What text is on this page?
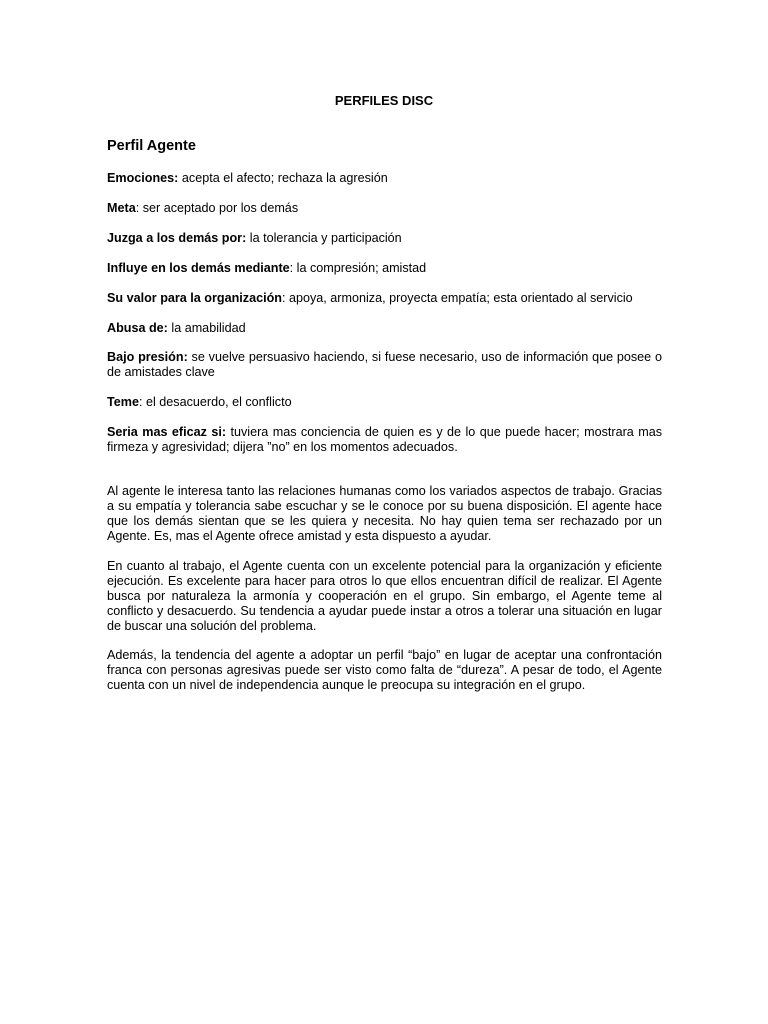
PERFILES DISC
Perfil Agente
Emociones: acepta el afecto; rechaza la agresión
Meta: ser aceptado por los demás
Juzga a los demás por: la tolerancia y participación
Influye en los demás mediante: la compresión; amistad
Su valor para la organización: apoya, armoniza, proyecta empatía; esta orientado al servicio
Abusa de: la amabilidad
Bajo presión: se vuelve persuasivo haciendo, si fuese necesario, uso de información que posee o de amistades clave
Teme: el desacuerdo, el conflicto
Seria mas eficaz si: tuviera mas conciencia de quien es y de lo que puede hacer; mostrara mas firmeza y agresividad; dijera ”no” en los momentos adecuados.
Al agente le interesa tanto las relaciones humanas como los variados aspectos de trabajo. Gracias a su empatía y tolerancia sabe escuchar y se le conoce por su buena disposición. El agente hace que los demás sientan que se les quiera y necesita. No hay quien tema ser rechazado por un Agente. Es, mas el Agente ofrece amistad y esta dispuesto a ayudar.
En cuanto al trabajo, el Agente cuenta con un excelente potencial para la organización y eficiente ejecución. Es excelente para hacer para otros lo que ellos encuentran difícil de realizar. El Agente busca por naturaleza la armonía y cooperación en el grupo. Sin embargo, el Agente teme al conflicto y desacuerdo. Su tendencia a ayudar puede instar a otros a tolerar una situación en lugar de buscar una solución del problema.
Además, la tendencia del agente a adoptar un perfil “bajo” en lugar de aceptar una confrontación franca con personas agresivas puede ser visto como falta de “dureza”. A pesar de todo, el Agente cuenta con un nivel de independencia aunque le preocupa su integración en el grupo.
